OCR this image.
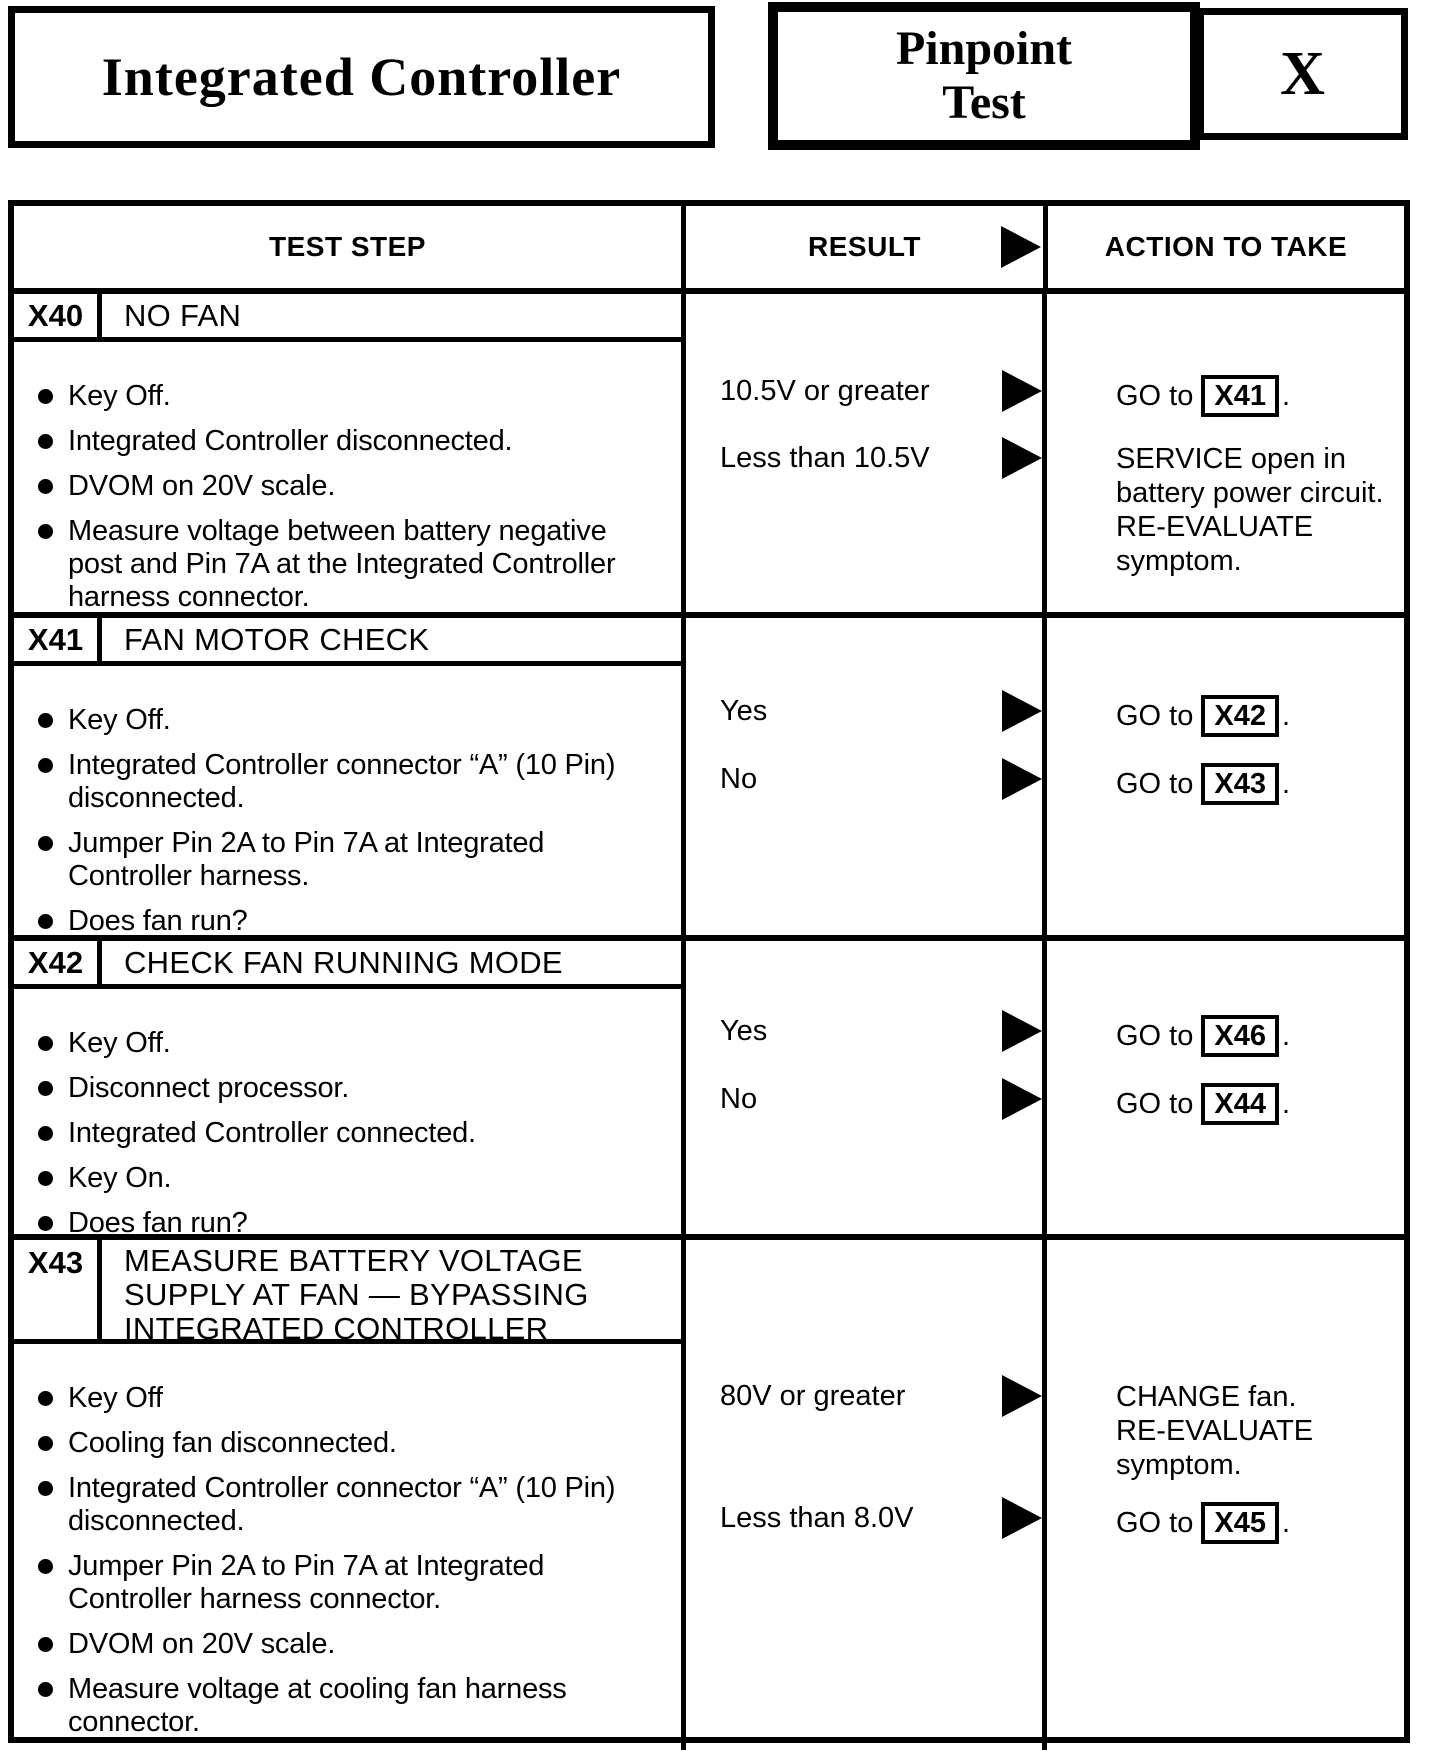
Integrated Controller	Pinpoint
Test	X
TEST STEP	RESULT	ACTION TO TAKE
X40	NO FAN
Key Off.
Integrated Controller disconnected.
DVOM on 20V scale.
Measure voltage between battery negative post and Pin 7A at the Integrated Controller harness connector.
10.5V or greater	GO to X41 .
Less than 10.5V	SERVICE open in
battery power circuit.
RE-EVALUATE
symptom.
X41	FAN MOTOR CHECK
Key Off.
Integrated Controller connector “A” (10 Pin) disconnected.
Jumper Pin 2A to Pin 7A at Integrated Controller harness.
Does fan run?
Yes	GO to X42 .
No	GO to X43 .
X42	CHECK FAN RUNNING MODE
Key Off.
Disconnect processor.
Integrated Controller connected.
Key On.
Does fan run?
Yes	GO to X46 .
No	GO to X44 .
X43	MEASURE BATTERY VOLTAGE SUPPLY AT FAN — BYPASSING INTEGRATED CONTROLLER
Key Off
Cooling fan disconnected.
Integrated Controller connector “A” (10 Pin) disconnected.
Jumper Pin 2A to Pin 7A at Integrated Controller harness connector.
DVOM on 20V scale.
Measure voltage at cooling fan harness connector.
80V or greater	CHANGE fan.
RE-EVALUATE
symptom.
Less than 8.0V	GO to X45 .
